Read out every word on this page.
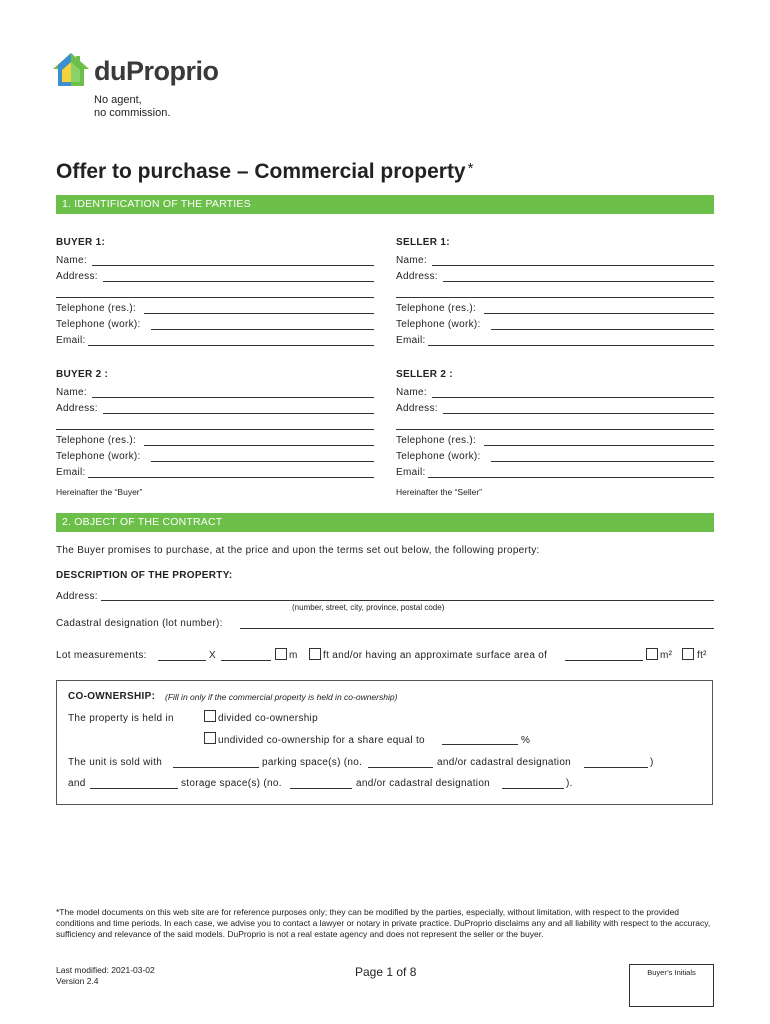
duProprio
No agent,
no commission.
Offer to purchase – Commercial property *
1. IDENTIFICATION OF THE PARTIES
BUYER 1:
Name:
Address:
Telephone (res.):
Telephone (work):
Email:
SELLER 1:
Name:
Address:
Telephone (res.):
Telephone (work):
Email:
BUYER 2 :
Name:
Address:
Telephone (res.):
Telephone (work):
Email:
Hereinafter the “Buyer”
SELLER 2 :
Name:
Address:
Telephone (res.):
Telephone (work):
Email:
Hereinafter the “Seller”
2. OBJECT OF THE CONTRACT
The Buyer promises to purchase, at the price and upon the terms set out below, the following property:
DESCRIPTION OF THE PROPERTY:
Address:
(number, street, city, province, postal code)
Cadastral designation (lot number):
Lot measurements:	X	m	ft and/or having an approximate surface area of	m² ft²
CO-OWNERSHIP: (Fill in only if the commercial property is held in co-ownership)
The property is held in	divided co-ownership
undivided co-ownership for a share equal to	%
The unit is sold with	parking space(s) (no.	and/or cadastral designation	)
and	storage space(s) (no.	and/or cadastral designation	).
*The model documents on this web site are for reference purposes only; they can be modified by the parties, especially, without limitation, with respect to the provided conditions and time periods. In each case, we advise you to contact a lawyer or notary in private practice. DuProprio disclaims any and all liability with respect to the accuracy, sufficiency and relevance of the said models. DuProprio is not a real estate agency and does not represent the seller or the buyer.
Last modified: 2021-03-02
Version 2.4
Page 1 of 8	Buyer’s Initials
